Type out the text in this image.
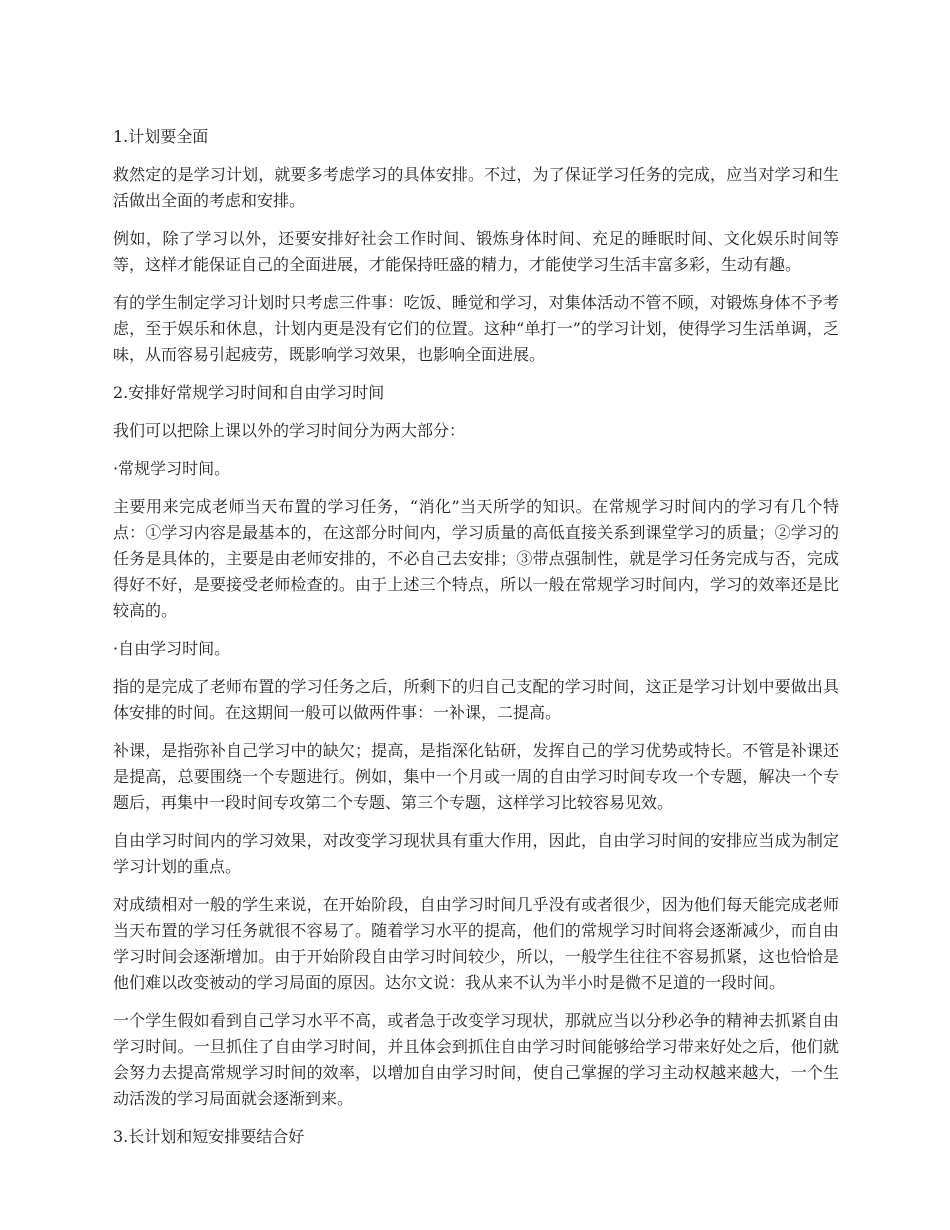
1.计划要全面

救然定的是学习计划，就要多考虑学习的具体安排。不过，为了保证学习任务的完成，应当对学习和生活做出全面的考虑和安排。

例如，除了学习以外，还要安排好社会工作时间、锻炼身体时间、充足的睡眠时间、文化娱乐时间等等，这样才能保证自己的全面进展，才能保持旺盛的精力，才能使学习生活丰富多彩，生动有趣。

有的学生制定学习计划时只考虑三件事：吃饭、睡觉和学习，对集体活动不管不顾，对锻炼身体不予考虑，至于娱乐和休息，计划内更是没有它们的位置。这种“单打一”的学习计划，使得学习生活单调，乏味，从而容易引起疲劳，既影响学习效果，也影响全面进展。

2.安排好常规学习时间和自由学习时间

我们可以把除上课以外的学习时间分为两大部分：

·常规学习时间。

主要用来完成老师当天布置的学习任务，“消化”当天所学的知识。在常规学习时间内的学习有几个特点：①学习内容是最基本的，在这部分时间内，学习质量的高低直接关系到课堂学习的质量；②学习的任务是具体的，主要是由老师安排的，不必自己去安排；③带点强制性，就是学习任务完成与否，完成得好不好，是要接受老师检查的。由于上述三个特点，所以一般在常规学习时间内，学习的效率还是比较高的。

·自由学习时间。

指的是完成了老师布置的学习任务之后，所剩下的归自己支配的学习时间，这正是学习计划中要做出具体安排的时间。在这期间一般可以做两件事：一补课，二提高。

补课，是指弥补自己学习中的缺欠；提高，是指深化钻研，发挥自己的学习优势或特长。不管是补课还是提高，总要围绕一个专题进行。例如，集中一个月或一周的自由学习时间专攻一个专题，解决一个专题后，再集中一段时间专攻第二个专题、第三个专题，这样学习比较容易见效。

自由学习时间内的学习效果，对改变学习现状具有重大作用，因此，自由学习时间的安排应当成为制定学习计划的重点。

对成绩相对一般的学生来说，在开始阶段，自由学习时间几乎没有或者很少，因为他们每天能完成老师当天布置的学习任务就很不容易了。随着学习水平的提高，他们的常规学习时间将会逐渐减少，而自由学习时间会逐渐增加。由于开始阶段自由学习时间较少，所以，一般学生往往不容易抓紧，这也恰恰是他们难以改变被动的学习局面的原因。达尔文说：我从来不认为半小时是微不足道的一段时间。

一个学生假如看到自己学习水平不高，或者急于改变学习现状，那就应当以分秒必争的精神去抓紧自由学习时间。一旦抓住了自由学习时间，并且体会到抓住自由学习时间能够给学习带来好处之后，他们就会努力去提高常规学习时间的效率，以增加自由学习时间，使自己掌握的学习主动权越来越大，一个生动活泼的学习局面就会逐渐到来。

3.长计划和短安排要结合好
